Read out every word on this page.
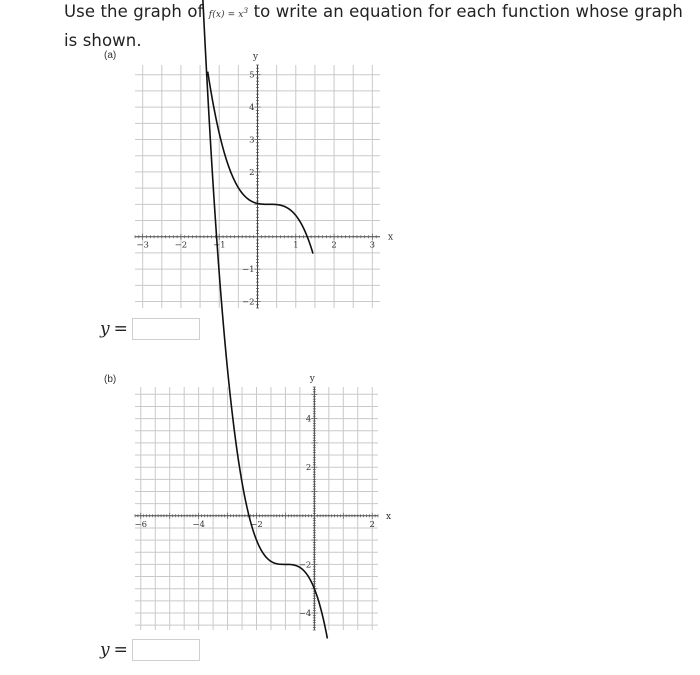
Use the graph of $f(x) = x^3$ to write an equation for each function whose graph is shown.
(a)
−3	−2	−1	1	2	3
5
4
3
2
−1
−2
x
y
y =
(b)
−6	−4	−2	2
4
2
−2
−4
x
y
y =
